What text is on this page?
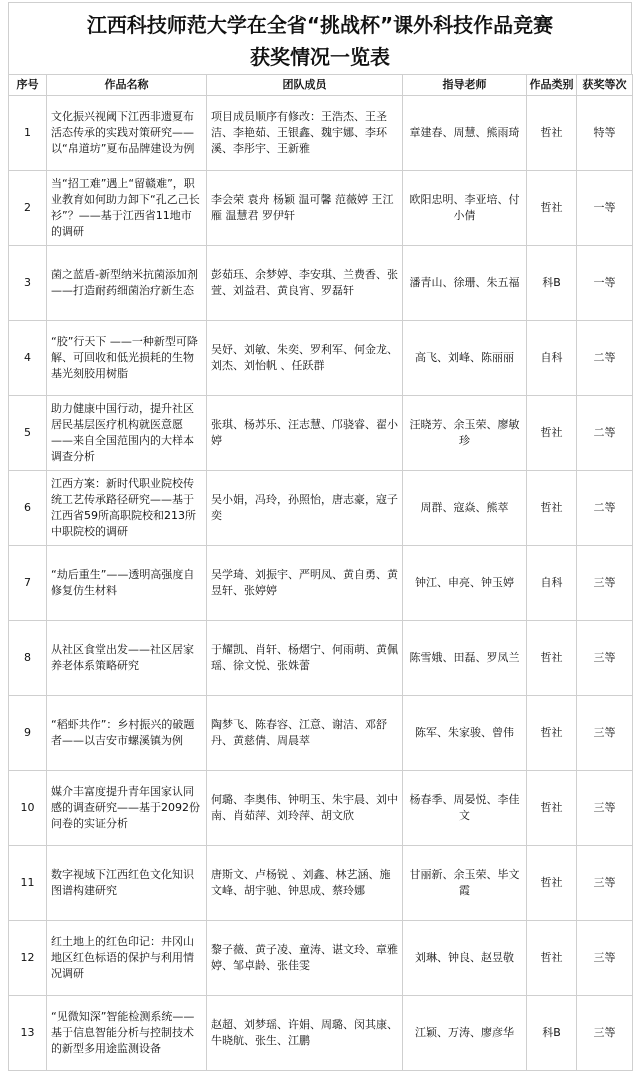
江西科技师范大学在全省“挑战杯”课外科技作品竞赛
获奖情况一览表
序号	作品名称	团队成员	指导老师	作品类别	获奖等次
1	文化振兴视阈下江西非遗夏布活态传承的实践对策研究——以“帛道坊”夏布品牌建设为例	项目成员顺序有修改：王浩杰、王圣洁、李艳茹、王银鑫、魏宇娜、李环溪、李彤宇、王新雅	章建春、周慧、熊雨琦	哲社	特等
2	当“招工难”遇上“留赣难”，职业教育如何助力卸下“孔乙己长衫”？——基于江西省11地市的调研	李会荣 袁舟 杨颖 温可馨 范薇婷 王江雁 温慧君 罗伊轩	欧阳忠明、李亚培、付小倩	哲社	一等
3	菌之蓝盾-新型纳米抗菌添加剂——打造耐药细菌治疗新生态	彭茹珏、余梦婷、李安琪、兰费香、张萱、刘益君、黄良宵、罗磊轩	潘青山、徐珊、朱五福	科B	一等
4	“胶”行天下 ——一种新型可降解、可回收和低光损耗的生物基光刻胶用树脂	吴妤、刘敏、朱奕、罗利军、何金龙、刘杰、刘怡帆 、任跃群	高飞、刘峰、陈丽丽	自科	二等
5	助力健康中国行动，提升社区居民基层医疗机构就医意愿——来自全国范围内的大样本调查分析	张琪、杨苏乐、汪志慧、邝骁睿、翟小婷	汪晓芳、余玉荣、廖敏珍	哲社	二等
6	江西方案：新时代职业院校传统工艺传承路径研究——基于江西省59所高职院校和213所中职院校的调研	吴小娟，冯玲，孙照怡，唐志豪，寇子奕	周群、寇焱、熊萃	哲社	二等
7	“劫后重生”——透明高强度自修复仿生材料	吴学琦、刘振宇、严明凤、黄自勇、黄昱轩、张婷婷	钟江、申亮、钟玉婷	自科	三等
8	从社区食堂出发——社区居家养老体系策略研究	于耀凯、肖轩、杨熠宁、何雨萌、黄佩瑶、徐文悦、张姝蕾	陈雪娥、田磊、罗凤兰	哲社	三等
9	“稻虾共作”：乡村振兴的破题者——以吉安市螺溪镇为例	陶梦飞、陈春容、江意、谢洁、邓舒丹、黄慈倩、周晨萃	陈军、朱家骏、曾伟	哲社	三等
10	媒介丰富度提升青年国家认同感的调查研究——基于2092份问卷的实证分析	何璐、李奥伟、钟明玉、朱宇晨、刘中南、肖茹萍、刘玲萍、胡文欣	杨春季、周晏悦、李佳文	哲社	三等
11	数字视域下江西红色文化知识图谱构建研究	唐斯文、卢杨锐 、刘鑫、林艺涵、施文峰、胡宇驰、钟思成、蔡玲娜	甘丽新、余玉荣、毕文霞	哲社	三等
12	红土地上的红色印记：井冈山地区红色标语的保护与利用情况调研	黎子薇、黄子凌、童涛、谌文玲、章雅婷、邹卓龄、张佳雯	刘琳、钟良、赵昱敬	哲社	三等
13	“见微知深”智能检测系统——基于信息智能分析与控制技术的新型多用途监测设备	赵超、刘梦瑶、许娟、周璐、闵其康、牛晓航、张生、江鹏	江颖、万涛、廖彦华	科B	三等
